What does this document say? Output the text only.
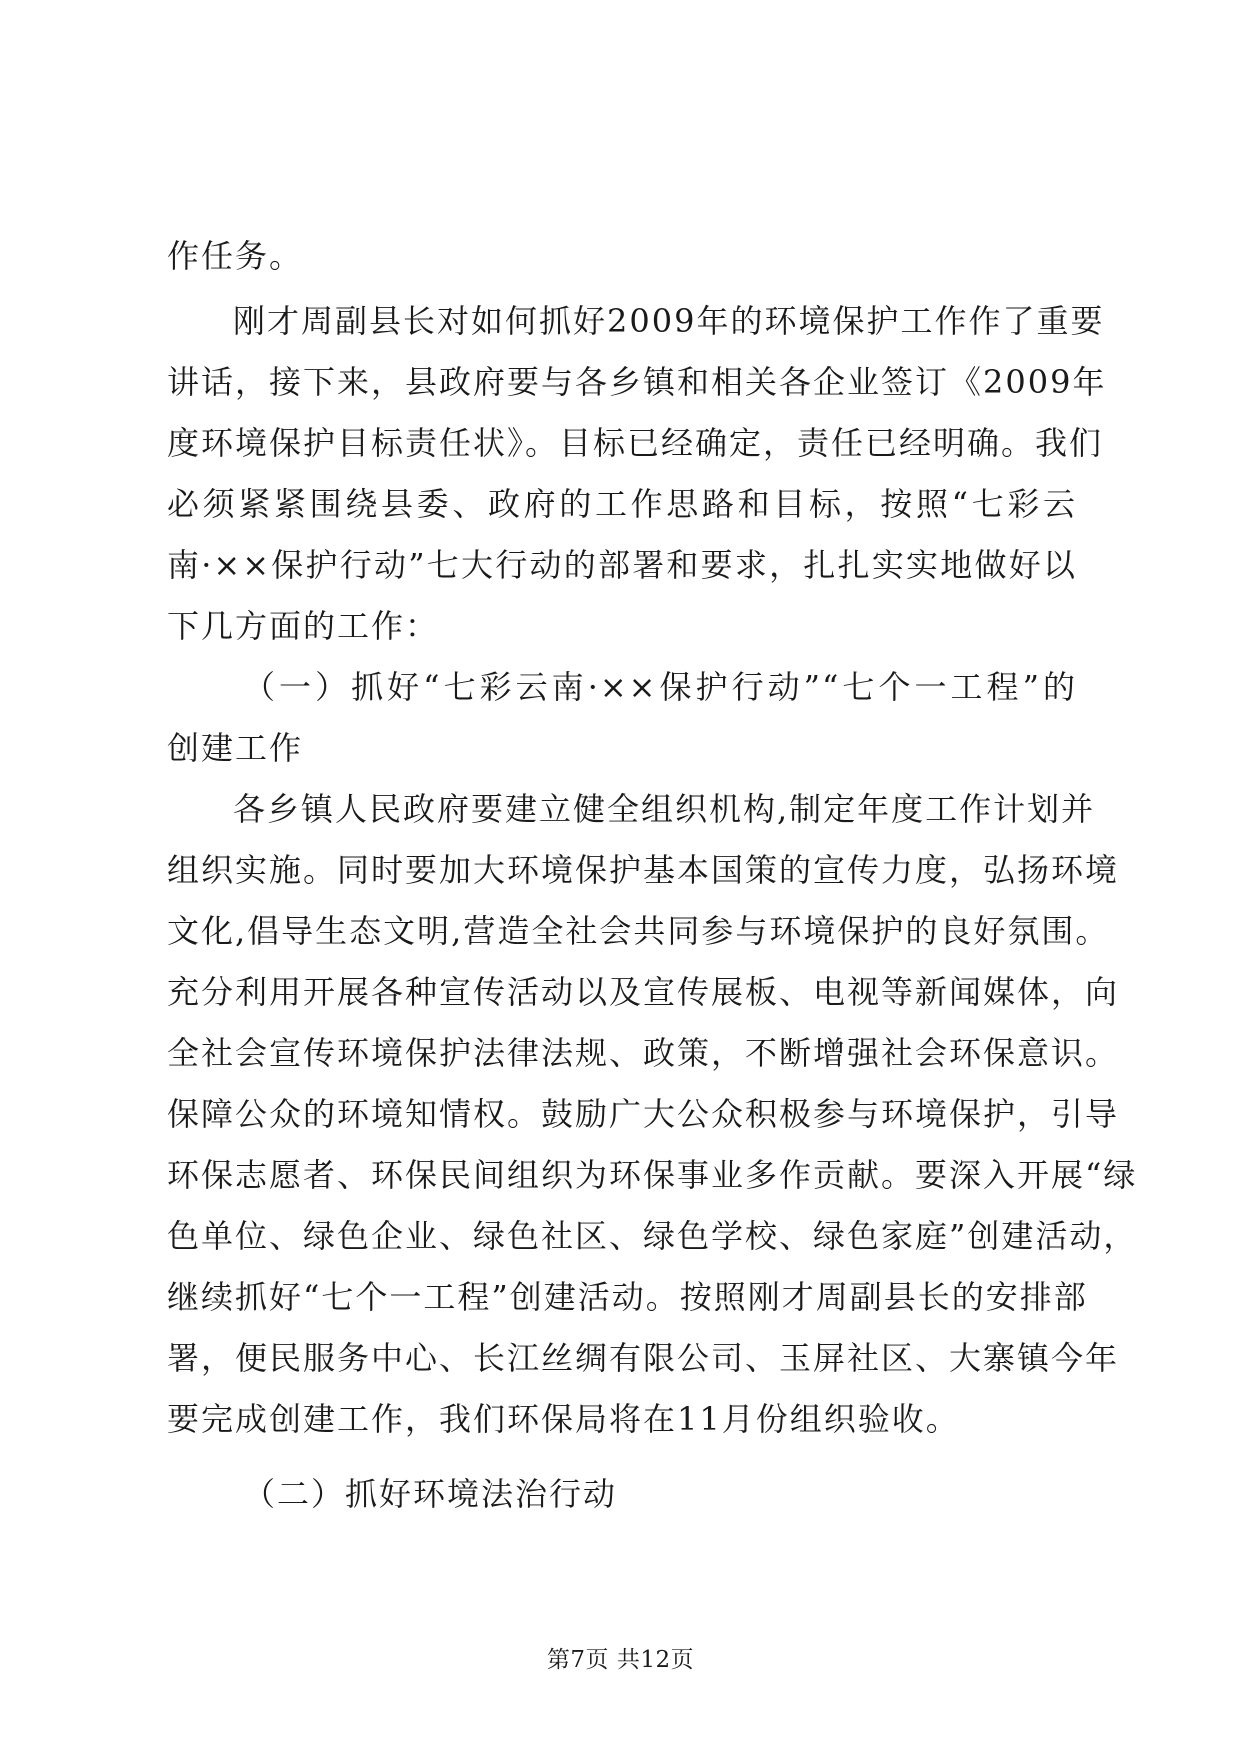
作任务。
刚才周副县长对如何抓好2009年的环境保护工作作了重要
讲话，接下来，县政府要与各乡镇和相关各企业签订《2009年
度环境保护目标责任状》。目标已经确定，责任已经明确。我们
必须紧紧围绕县委、政府的工作思路和目标，按照“七彩云
南·××保护行动”七大行动的部署和要求，扎扎实实地做好以
下几方面的工作：
（一）抓好“七彩云南·××保护行动”“七个一工程”的
创建工作
各乡镇人民政府要建立健全组织机构,制定年度工作计划并
组织实施。同时要加大环境保护基本国策的宣传力度，弘扬环境
文化,倡导生态文明,营造全社会共同参与环境保护的良好氛围。
充分利用开展各种宣传活动以及宣传展板、电视等新闻媒体，向
全社会宣传环境保护法律法规、政策，不断增强社会环保意识。
保障公众的环境知情权。鼓励广大公众积极参与环境保护，引导
环保志愿者、环保民间组织为环保事业多作贡献。要深入开展“绿
色单位、绿色企业、绿色社区、绿色学校、绿色家庭”创建活动，
继续抓好“七个一工程”创建活动。按照刚才周副县长的安排部
署，便民服务中心、长江丝绸有限公司、玉屏社区、大寨镇今年
要完成创建工作，我们环保局将在11月份组织验收。
（二）抓好环境法治行动
第7页 共12页
